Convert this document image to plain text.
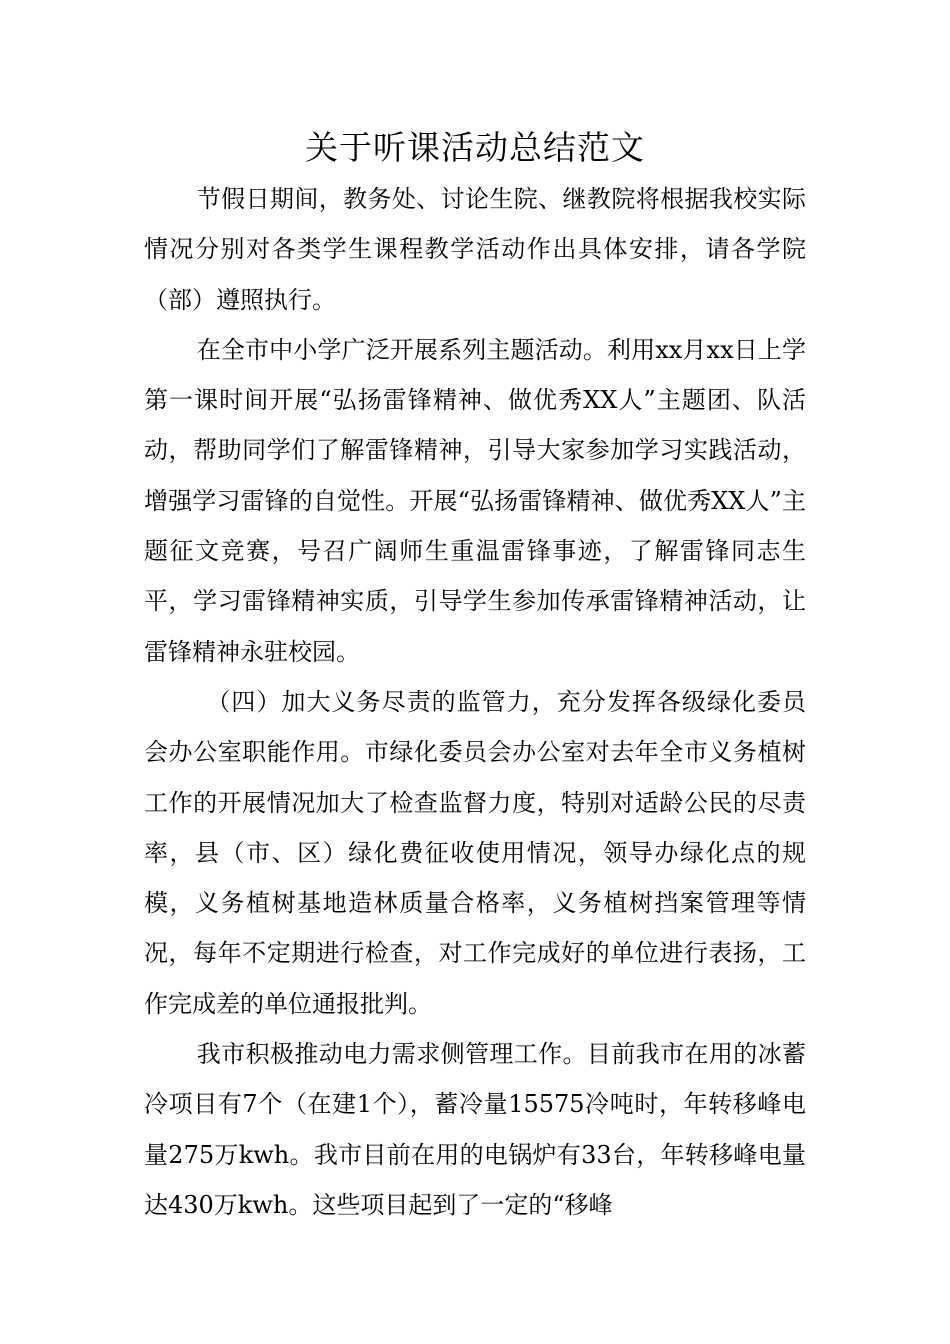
关于听课活动总结范文

节假日期间，教务处、讨论生院、继教院将根据我校实际情况分别对各类学生课程教学活动作出具体安排，请各学院（部）遵照执行。

在全市中小学广泛开展系列主题活动。利用xx月xx日上学第一课时间开展“弘扬雷锋精神、做优秀XX人”主题团、队活动，帮助同学们了解雷锋精神，引导大家参加学习实践活动，增强学习雷锋的自觉性。开展“弘扬雷锋精神、做优秀XX人”主题征文竞赛，号召广阔师生重温雷锋事迹，了解雷锋同志生平，学习雷锋精神实质，引导学生参加传承雷锋精神活动，让雷锋精神永驻校园。

（四）加大义务尽责的监管力，充分发挥各级绿化委员会办公室职能作用。市绿化委员会办公室对去年全市义务植树工作的开展情况加大了检查监督力度，特别对适龄公民的尽责率，县（市、区）绿化费征收使用情况，领导办绿化点的规模，义务植树基地造林质量合格率，义务植树挡案管理等情况，每年不定期进行检查，对工作完成好的单位进行表扬，工作完成差的单位通报批判。

我市积极推动电力需求侧管理工作。目前我市在用的冰蓄冷项目有7个（在建1个），蓄冷量15575冷吨时，年转移峰电量275万kwh。我市目前在用的电锅炉有33台，年转移峰电量达430万kwh。这些项目起到了一定的“移峰
